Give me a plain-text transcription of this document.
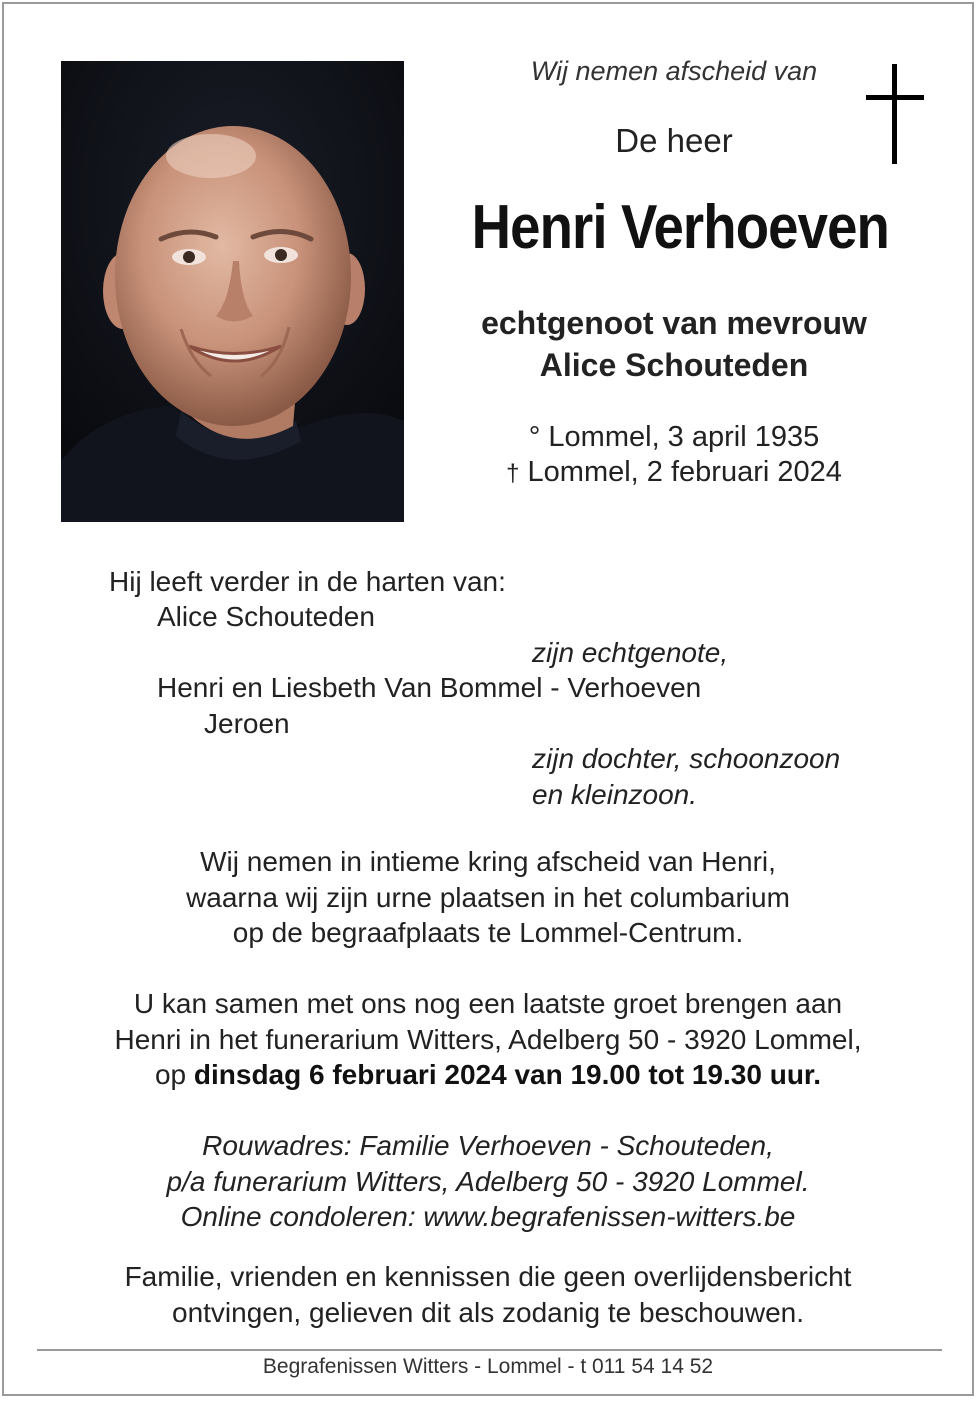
Wij nemen afscheid van
De heer
Henri Verhoeven
echtgenoot van mevrouw
Alice Schouteden
° Lommel, 3 april 1935
† Lommel, 2 februari 2024
Hij leeft verder in de harten van:
Alice Schouteden
zijn echtgenote,
Henri en Liesbeth Van Bommel - Verhoeven
Jeroen
zijn dochter, schoonzoon
en kleinzoon.
Wij nemen in intieme kring afscheid van Henri,
waarna wij zijn urne plaatsen in het columbarium
op de begraafplaats te Lommel-Centrum.
U kan samen met ons nog een laatste groet brengen aan
Henri in het funerarium Witters, Adelberg 50 - 3920 Lommel,
op dinsdag 6 februari 2024 van 19.00 tot 19.30 uur.
Rouwadres: Familie Verhoeven - Schouteden,
p/a funerarium Witters, Adelberg 50 - 3920 Lommel.
Online condoleren: www.begrafenissen-witters.be
Familie, vrienden en kennissen die geen overlijdensbericht
ontvingen, gelieven dit als zodanig te beschouwen.
Begrafenissen Witters - Lommel - t 011 54 14 52
